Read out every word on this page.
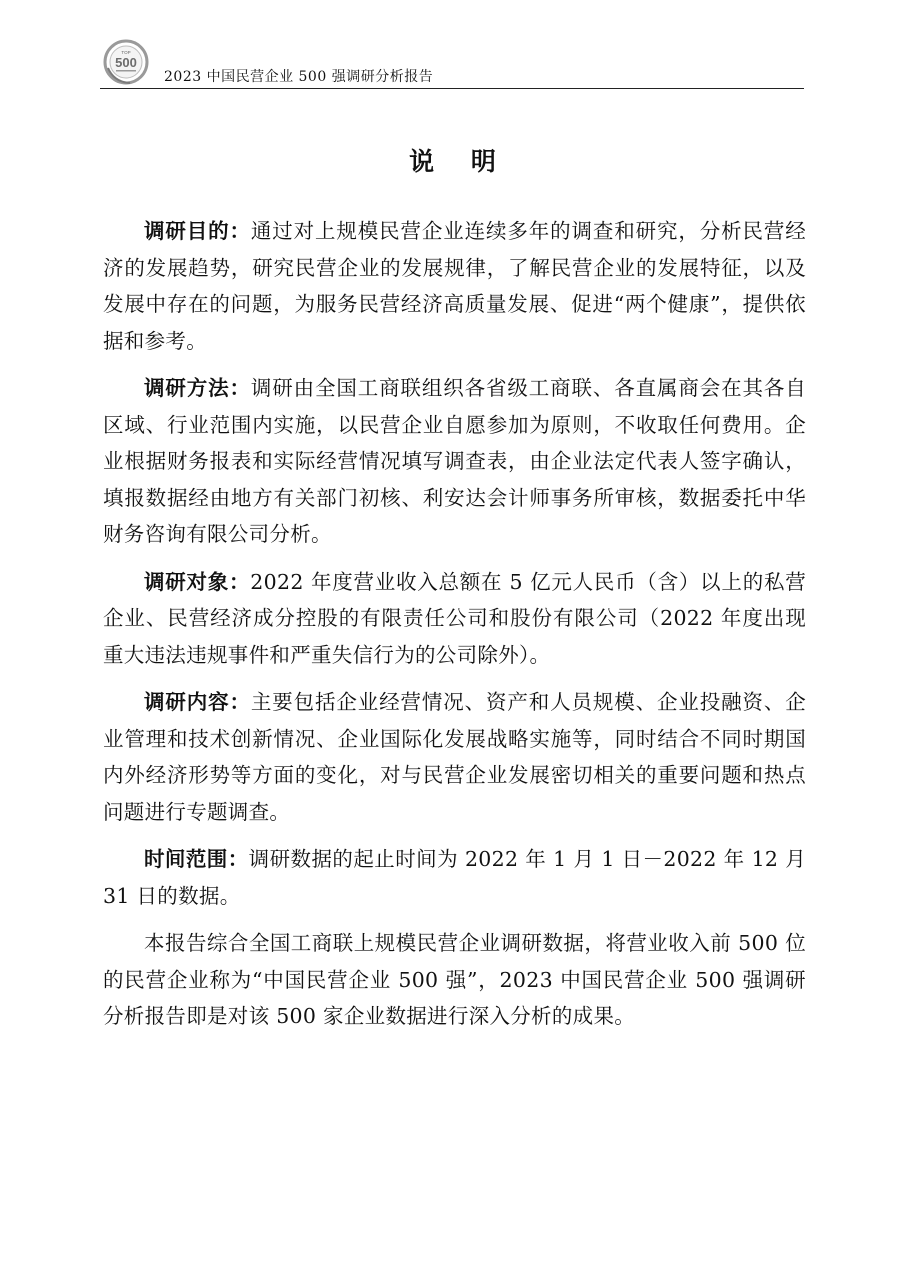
TOP
500
2023 中国民营企业 500 强调研分析报告
说 明

调研目的：通过对上规模民营企业连续多年的调查和研究，分析民营经济的发展趋势，研究民营企业的发展规律，了解民营企业的发展特征，以及发展中存在的问题，为服务民营经济高质量发展、促进“两个健康”，提供依据和参考。

调研方法：调研由全国工商联组织各省级工商联、各直属商会在其各自区域、行业范围内实施，以民营企业自愿参加为原则，不收取任何费用。企业根据财务报表和实际经营情况填写调查表，由企业法定代表人签字确认，填报数据经由地方有关部门初核、利安达会计师事务所审核，数据委托中华财务咨询有限公司分析。

调研对象：2022 年度营业收入总额在 5 亿元人民币（含）以上的私营企业、民营经济成分控股的有限责任公司和股份有限公司（2022 年度出现重大违法违规事件和严重失信行为的公司除外）。

调研内容：主要包括企业经营情况、资产和人员规模、企业投融资、企业管理和技术创新情况、企业国际化发展战略实施等，同时结合不同时期国内外经济形势等方面的变化，对与民营企业发展密切相关的重要问题和热点问题进行专题调查。

时间范围：调研数据的起止时间为 2022 年 1 月 1 日－2022 年 12 月 31 日的数据。

本报告综合全国工商联上规模民营企业调研数据，将营业收入前 500 位的民营企业称为“中国民营企业 500 强”，2023 中国民营企业 500 强调研分析报告即是对该 500 家企业数据进行深入分析的成果。
